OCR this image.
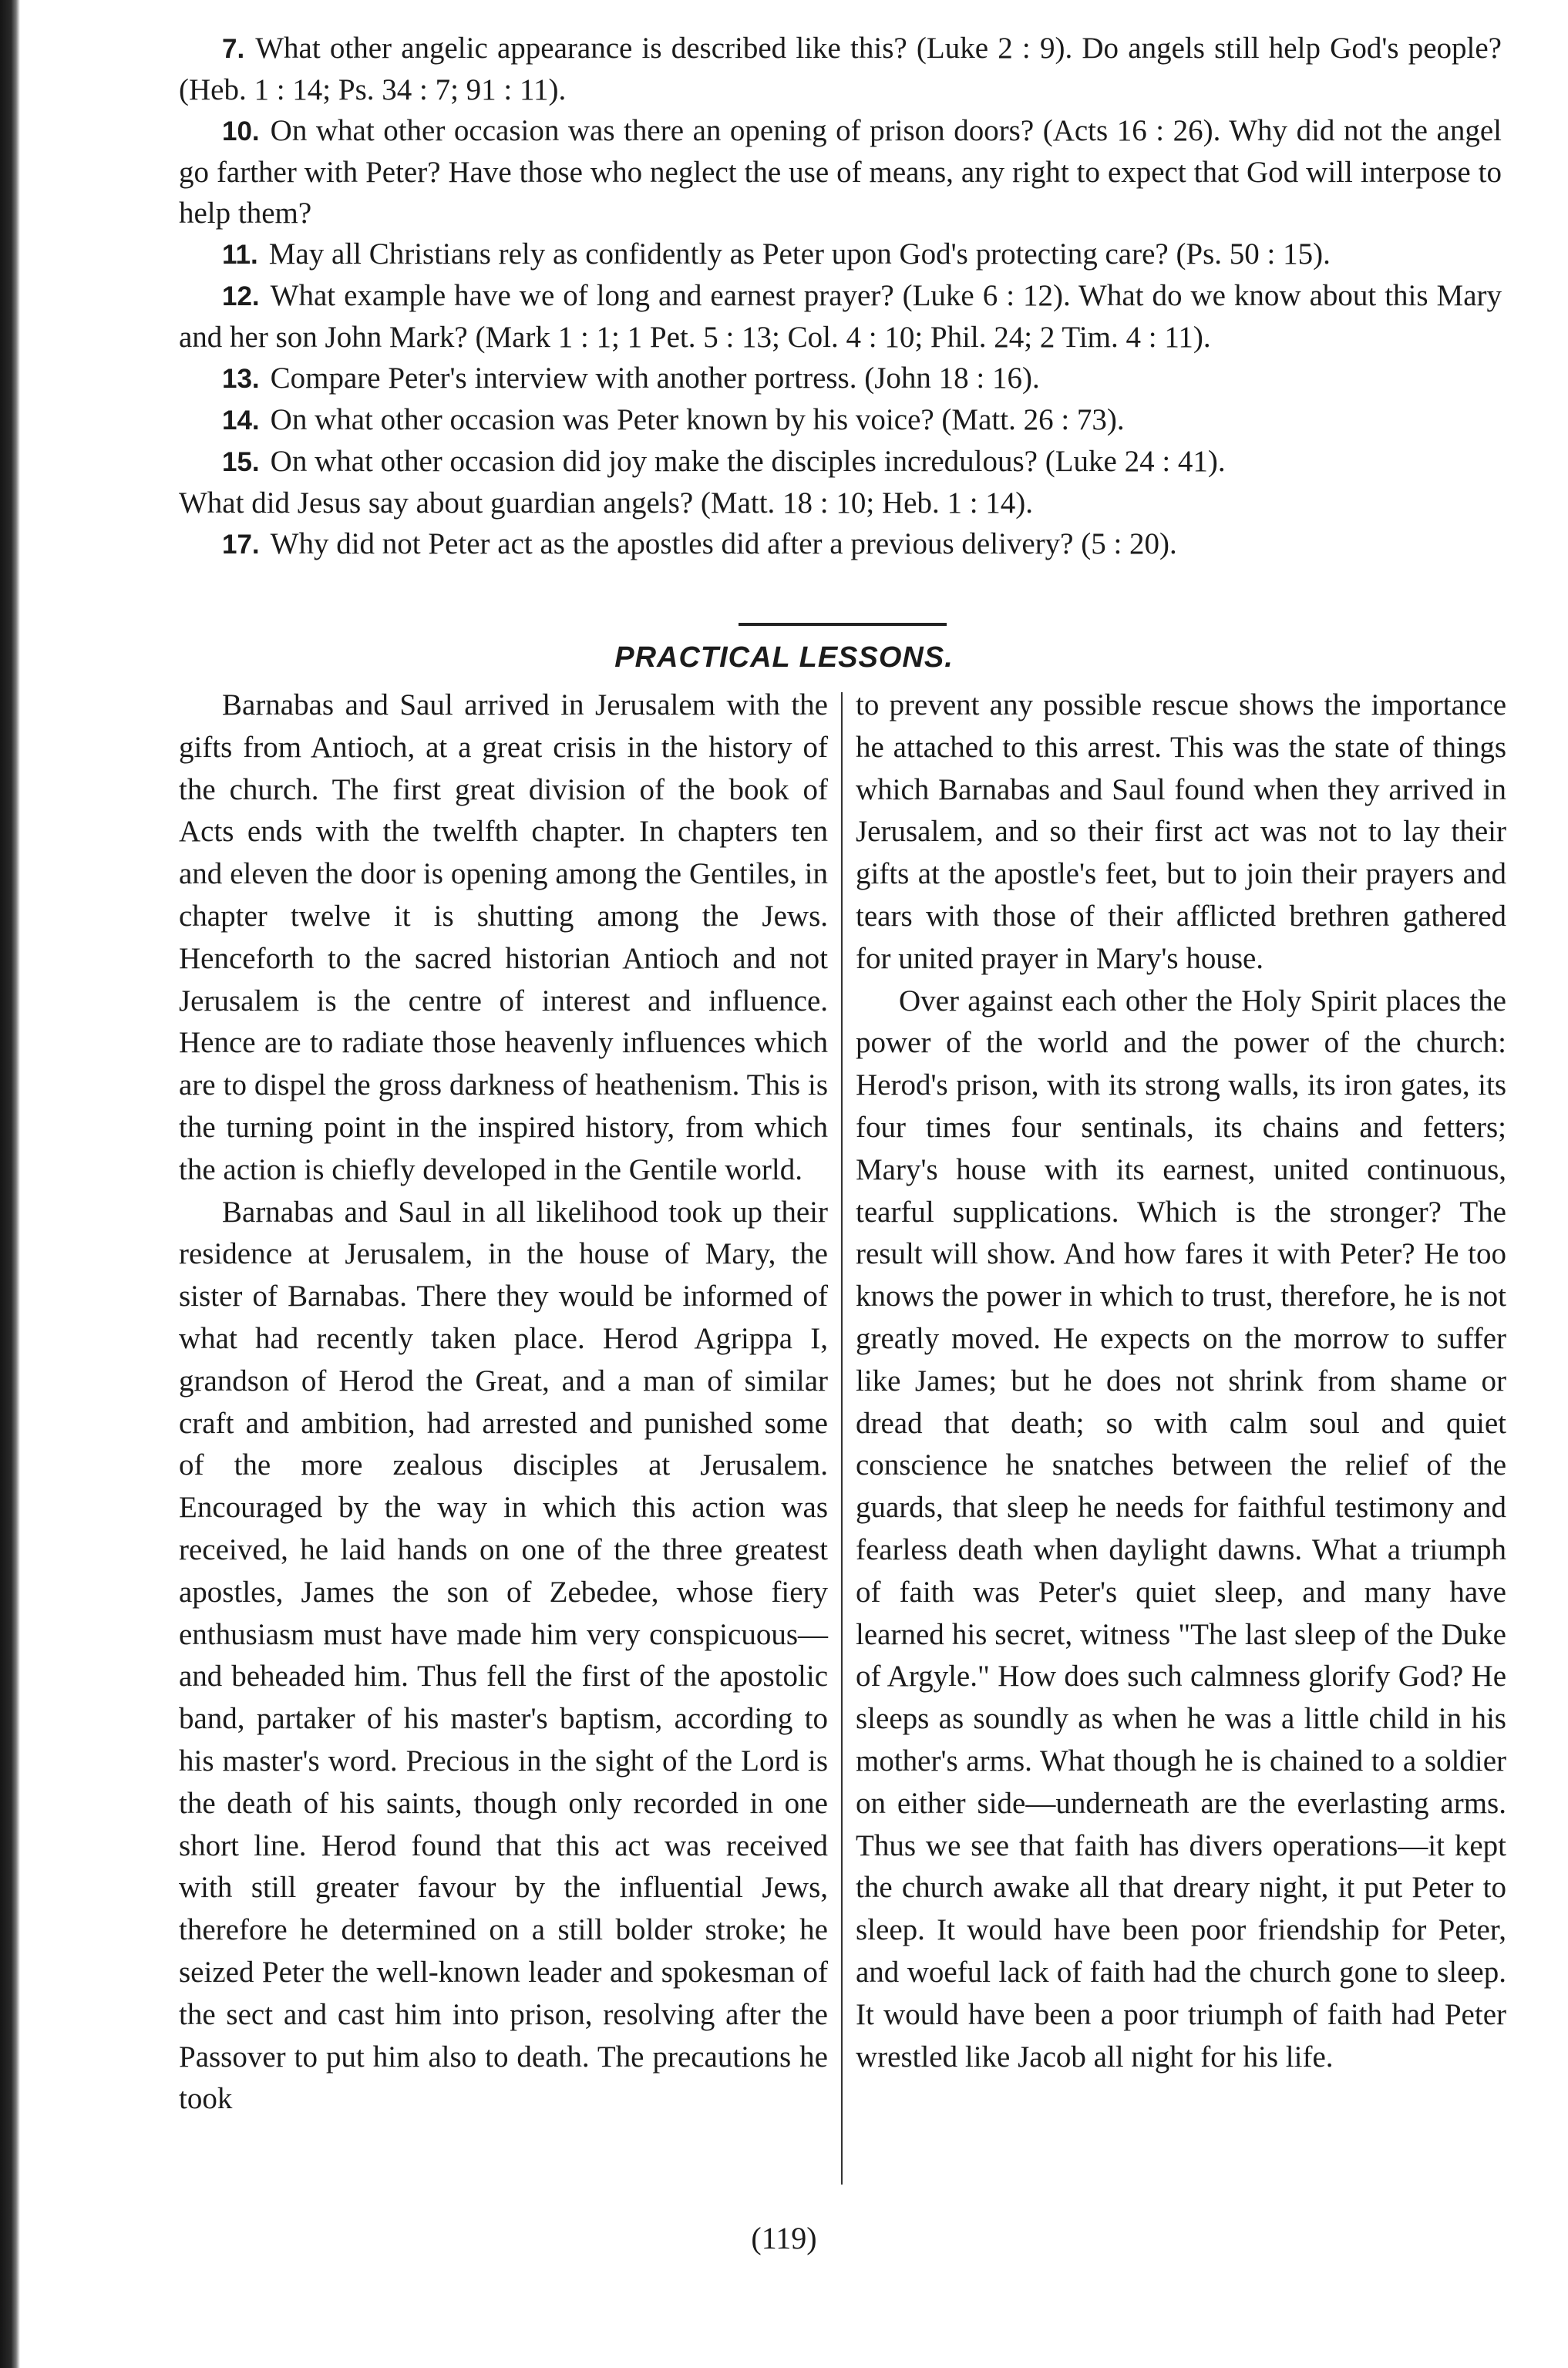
7. What other angelic appearance is described like this? (Luke 2 : 9). Do angels still help God's people? (Heb. 1 : 14; Ps. 34 : 7; 91 : 11).

10. On what other occasion was there an opening of prison doors? (Acts 16 : 26). Why did not the angel go farther with Peter? Have those who neglect the use of means, any right to expect that God will interpose to help them?

11. May all Christians rely as confidently as Peter upon God's protecting care? (Ps. 50 : 15).

12. What example have we of long and earnest prayer? (Luke 6 : 12). What do we know about this Mary and her son John Mark? (Mark 1 : 1; 1 Pet. 5 : 13; Col. 4 : 10; Phil. 24; 2 Tim. 4 : 11).

13. Compare Peter's interview with another portress. (John 18 : 16).

14. On what other occasion was Peter known by his voice? (Matt. 26 : 73).

15. On what other occasion did joy make the disciples incredulous? (Luke 24 : 41).

What did Jesus say about guardian angels? (Matt. 18 : 10; Heb. 1 : 14).

17. Why did not Peter act as the apostles did after a previous delivery? (5 : 20).

PRACTICAL LESSONS.

Barnabas and Saul arrived in Jerusalem with the gifts from Antioch, at a great crisis in the history of the church. The first great division of the book of Acts ends with the twelfth chapter. In chapters ten and eleven the door is opening among the Gentiles, in chapter twelve it is shutting among the Jews. Henceforth to the sacred historian Antioch and not Jerusalem is the centre of interest and influence. Hence are to radiate those heavenly influences which are to dispel the gross darkness of heathenism. This is the turning point in the inspired history, from which the action is chiefly developed in the Gentile world.

Barnabas and Saul in all likelihood took up their residence at Jerusalem, in the house of Mary, the sister of Barnabas. There they would be informed of what had recently taken place. Herod Agrippa I, grandson of Herod the Great, and a man of similar craft and ambition, had arrested and punished some of the more zealous disciples at Jerusalem. Encouraged by the way in which this action was received, he laid hands on one of the three greatest apostles, James the son of Zebedee, whose fiery enthusiasm must have made him very conspicuous—and beheaded him. Thus fell the first of the apostolic band, partaker of his master's baptism, according to his master's word. Precious in the sight of the Lord is the death of his saints, though only recorded in one short line. Herod found that this act was received with still greater favour by the influential Jews, therefore he determined on a still bolder stroke; he seized Peter the well-known leader and spokesman of the sect and cast him into prison, resolving after the Passover to put him also to death. The precautions he took

to prevent any possible rescue shows the importance he attached to this arrest. This was the state of things which Barnabas and Saul found when they arrived in Jerusalem, and so their first act was not to lay their gifts at the apostle's feet, but to join their prayers and tears with those of their afflicted brethren gathered for united prayer in Mary's house.

Over against each other the Holy Spirit places the power of the world and the power of the church: Herod's prison, with its strong walls, its iron gates, its four times four sentinals, its chains and fetters; Mary's house with its earnest, united continuous, tearful supplications. Which is the stronger? The result will show. And how fares it with Peter? He too knows the power in which to trust, therefore, he is not greatly moved. He expects on the morrow to suffer like James; but he does not shrink from shame or dread that death; so with calm soul and quiet conscience he snatches between the relief of the guards, that sleep he needs for faithful testimony and fearless death when daylight dawns. What a triumph of faith was Peter's quiet sleep, and many have learned his secret, witness "The last sleep of the Duke of Argyle." How does such calmness glorify God? He sleeps as soundly as when he was a little child in his mother's arms. What though he is chained to a soldier on either side—underneath are the everlasting arms. Thus we see that faith has divers operations—it kept the church awake all that dreary night, it put Peter to sleep. It would have been poor friendship for Peter, and woeful lack of faith had the church gone to sleep. It would have been a poor triumph of faith had Peter wrestled like Jacob all night for his life.

(119)
